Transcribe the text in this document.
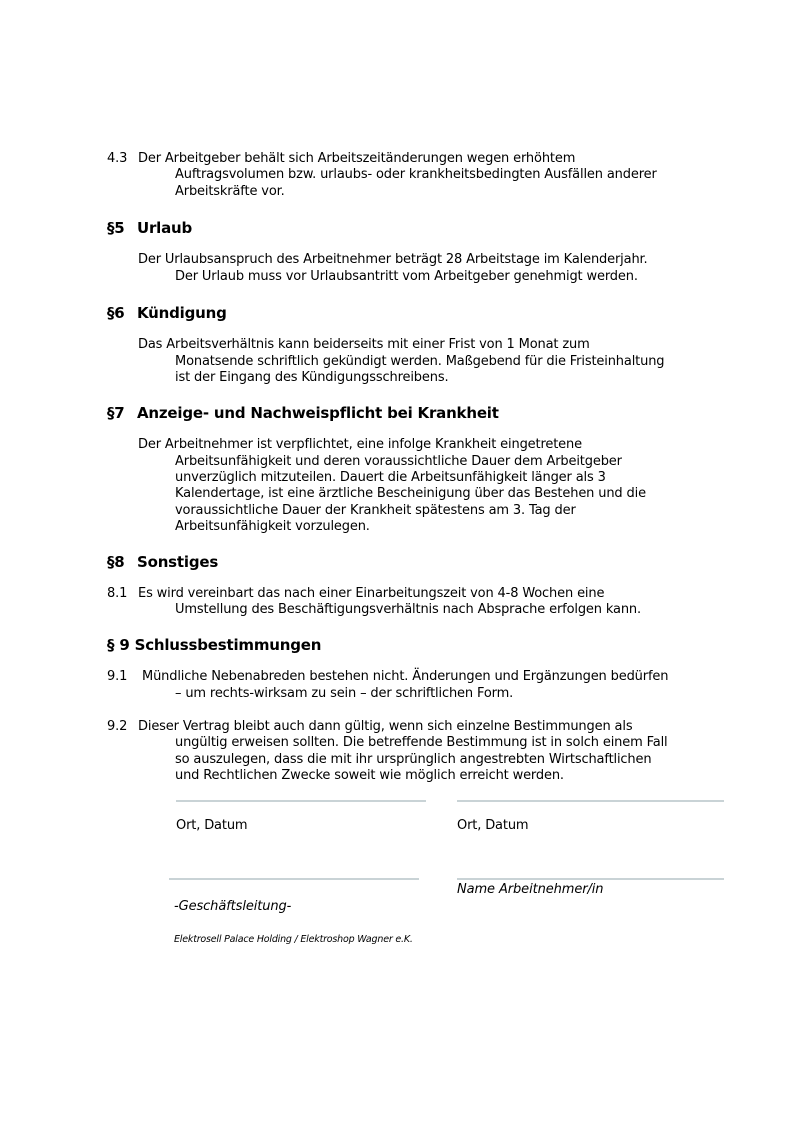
4.3 Der Arbeitgeber behält sich Arbeitszeitänderungen wegen erhöhtem
Auftragsvolumen bzw. urlaubs- oder krankheitsbedingten Ausfällen anderer
Arbeitskräfte vor.
§5 Urlaub
Der Urlaubsanspruch des Arbeitnehmer beträgt 28 Arbeitstage im Kalenderjahr.
Der Urlaub muss vor Urlaubsantritt vom Arbeitgeber genehmigt werden.
§6 Kündigung
Das Arbeitsverhältnis kann beiderseits mit einer Frist von 1 Monat zum
Monatsende schriftlich gekündigt werden. Maßgebend für die Fristeinhaltung
ist der Eingang des Kündigungsschreibens.
§7 Anzeige- und Nachweispflicht bei Krankheit
Der Arbeitnehmer ist verpflichtet, eine infolge Krankheit eingetretene
Arbeitsunfähigkeit und deren voraussichtliche Dauer dem Arbeitgeber
unverzüglich mitzuteilen. Dauert die Arbeitsunfähigkeit länger als 3
Kalendertage, ist eine ärztliche Bescheinigung über das Bestehen und die
voraussichtliche Dauer der Krankheit spätestens am 3. Tag der
Arbeitsunfähigkeit vorzulegen.
§8 Sonstiges
8.1 Es wird vereinbart das nach einer Einarbeitungszeit von 4-8 Wochen eine
Umstellung des Beschäftigungsverhältnis nach Absprache erfolgen kann.
§ 9 Schlussbestimmungen
9.1 Mündliche Nebenabreden bestehen nicht. Änderungen und Ergänzungen bedürfen
– um rechts-wirksam zu sein – der schriftlichen Form.
9.2 Dieser Vertrag bleibt auch dann gültig, wenn sich einzelne Bestimmungen als
ungültig erweisen sollten. Die betreffende Bestimmung ist in solch einem Fall
so auszulegen, dass die mit ihr ursprünglich angestrebten Wirtschaftlichen
und Rechtlichen Zwecke soweit wie möglich erreicht werden.
Ort, Datum	Ort, Datum
Name Arbeitnehmer/in
-Geschäftsleitung-
Elektrosell Palace Holding / Elektroshop Wagner e.K.
